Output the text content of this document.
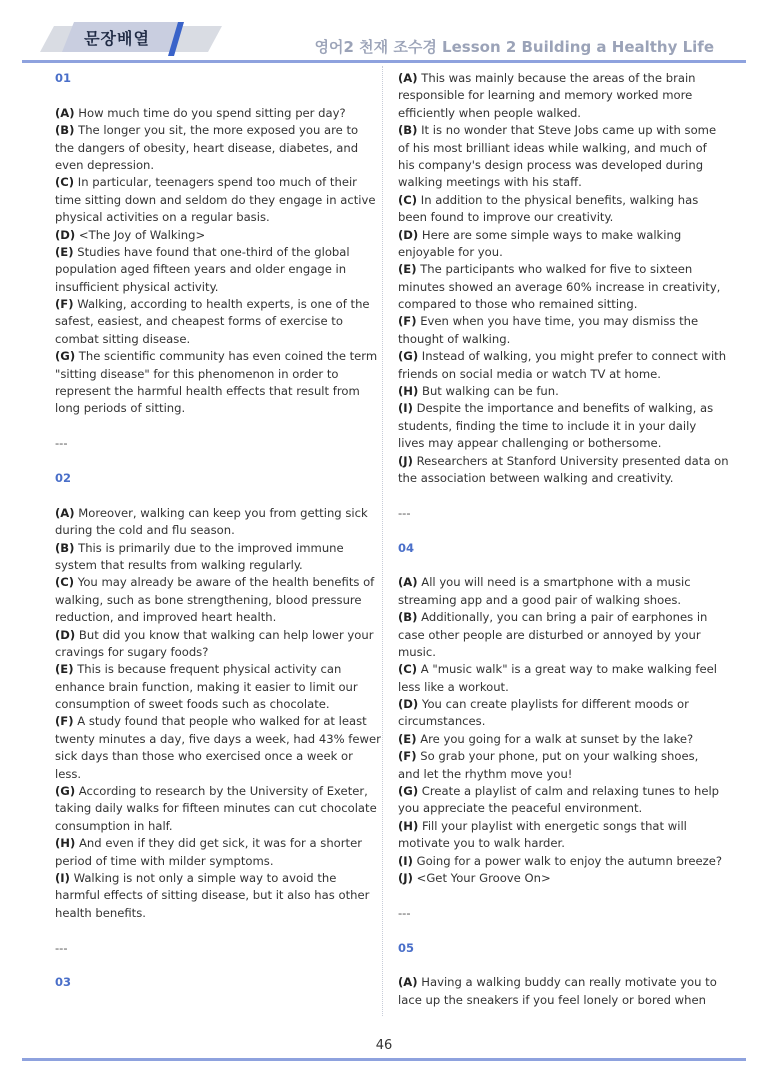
문장배열	영어2 천재 조수경 Lesson 2 Building a Healthy Life
01
(A) How much time do you spend sitting per day?
(B) The longer you sit, the more exposed you are to
the dangers of obesity, heart disease, diabetes, and
even depression.
(C) In particular, teenagers spend too much of their
time sitting down and seldom do they engage in active
physical activities on a regular basis.
(D) <The Joy of Walking>
(E) Studies have found that one-third of the global
population aged fifteen years and older engage in
insufficient physical activity.
(F) Walking, according to health experts, is one of the
safest, easiest, and cheapest forms of exercise to
combat sitting disease.
(G) The scientific community has even coined the term
"sitting disease" for this phenomenon in order to
represent the harmful health effects that result from
long periods of sitting.
---
02
(A) Moreover, walking can keep you from getting sick
during the cold and flu season.
(B) This is primarily due to the improved immune
system that results from walking regularly.
(C) You may already be aware of the health benefits of
walking, such as bone strengthening, blood pressure
reduction, and improved heart health.
(D) But did you know that walking can help lower your
cravings for sugary foods?
(E) This is because frequent physical activity can
enhance brain function, making it easier to limit our
consumption of sweet foods such as chocolate.
(F) A study found that people who walked for at least
twenty minutes a day, five days a week, had 43% fewer
sick days than those who exercised once a week or
less.
(G) According to research by the University of Exeter,
taking daily walks for fifteen minutes can cut chocolate
consumption in half.
(H) And even if they did get sick, it was for a shorter
period of time with milder symptoms.
(I) Walking is not only a simple way to avoid the
harmful effects of sitting disease, but it also has other
health benefits.
---
03
(A) This was mainly because the areas of the brain
responsible for learning and memory worked more
efficiently when people walked.
(B) It is no wonder that Steve Jobs came up with some
of his most brilliant ideas while walking, and much of
his company's design process was developed during
walking meetings with his staff.
(C) In addition to the physical benefits, walking has
been found to improve our creativity.
(D) Here are some simple ways to make walking
enjoyable for you.
(E) The participants who walked for five to sixteen
minutes showed an average 60% increase in creativity,
compared to those who remained sitting.
(F) Even when you have time, you may dismiss the
thought of walking.
(G) Instead of walking, you might prefer to connect with
friends on social media or watch TV at home.
(H) But walking can be fun.
(I) Despite the importance and benefits of walking, as
students, finding the time to include it in your daily
lives may appear challenging or bothersome.
(J) Researchers at Stanford University presented data on
the association between walking and creativity.
---
04
(A) All you will need is a smartphone with a music
streaming app and a good pair of walking shoes.
(B) Additionally, you can bring a pair of earphones in
case other people are disturbed or annoyed by your
music.
(C) A "music walk" is a great way to make walking feel
less like a workout.
(D) You can create playlists for different moods or
circumstances.
(E) Are you going for a walk at sunset by the lake?
(F) So grab your phone, put on your walking shoes,
and let the rhythm move you!
(G) Create a playlist of calm and relaxing tunes to help
you appreciate the peaceful environment.
(H) Fill your playlist with energetic songs that will
motivate you to walk harder.
(I) Going for a power walk to enjoy the autumn breeze?
(J) <Get Your Groove On>
---
05
(A) Having a walking buddy can really motivate you to
lace up the sneakers if you feel lonely or bored when
46
